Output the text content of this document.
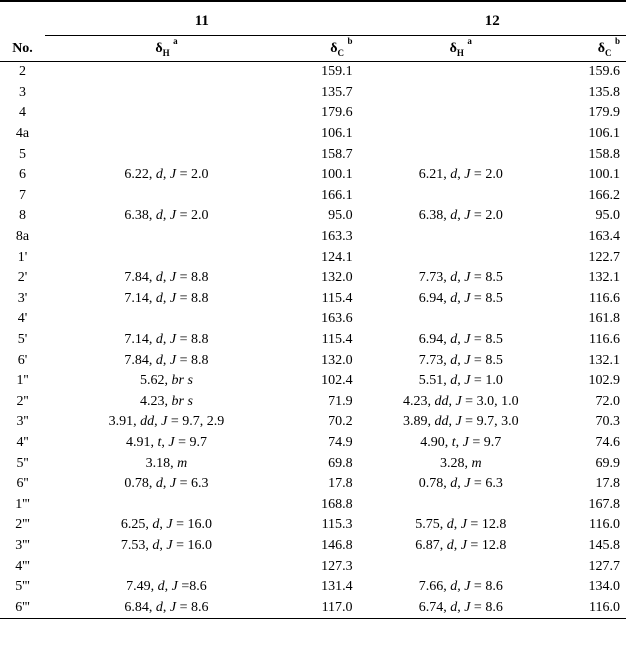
	11		12	
No.	$\delta_H$ $^a$	$\delta_C$ $^b$		$\delta_H$ $^a$	$\delta_C$ $^b$
2		159.1			159.6
3		135.7			135.8
4		179.6			179.9
4a		106.1			106.1
5		158.7			158.8
6	6.22, d, J = 2.0	100.1		6.21, d, J = 2.0	100.1
7		166.1			166.2
8	6.38, d, J = 2.0	95.0		6.38, d, J = 2.0	95.0
8a		163.3			163.4
1'		124.1			122.7
2'	7.84, d, J = 8.8	132.0		7.73, d, J = 8.5	132.1
3'	7.14, d, J = 8.8	115.4		6.94, d, J = 8.5	116.6
4'		163.6			161.8
5'	7.14, d, J = 8.8	115.4		6.94, d, J = 8.5	116.6
6'	7.84, d, J = 8.8	132.0		7.73, d, J = 8.5	132.1
1''	5.62, br s	102.4		5.51, d, J = 1.0	102.9
2''	4.23, br s	71.9		4.23, dd, J = 3.0, 1.0	72.0
3''	3.91, dd, J = 9.7, 2.9	70.2		3.89, dd, J = 9.7, 3.0	70.3
4''	4.91, t, J = 9.7	74.9		4.90, t, J = 9.7	74.6
5''	3.18, m	69.8		3.28, m	69.9
6''	0.78, d, J = 6.3	17.8		0.78, d, J = 6.3	17.8
1'''		168.8			167.8
2'''	6.25, d, J = 16.0	115.3		5.75, d, J = 12.8	116.0
3'''	7.53, d, J = 16.0	146.8		6.87, d, J = 12.8	145.8
4'''		127.3			127.7
5'''	7.49, d, J =8.6	131.4		7.66, d, J = 8.6	134.0
6'''	6.84, d, J = 8.6	117.0		6.74, d, J = 8.6	116.0
